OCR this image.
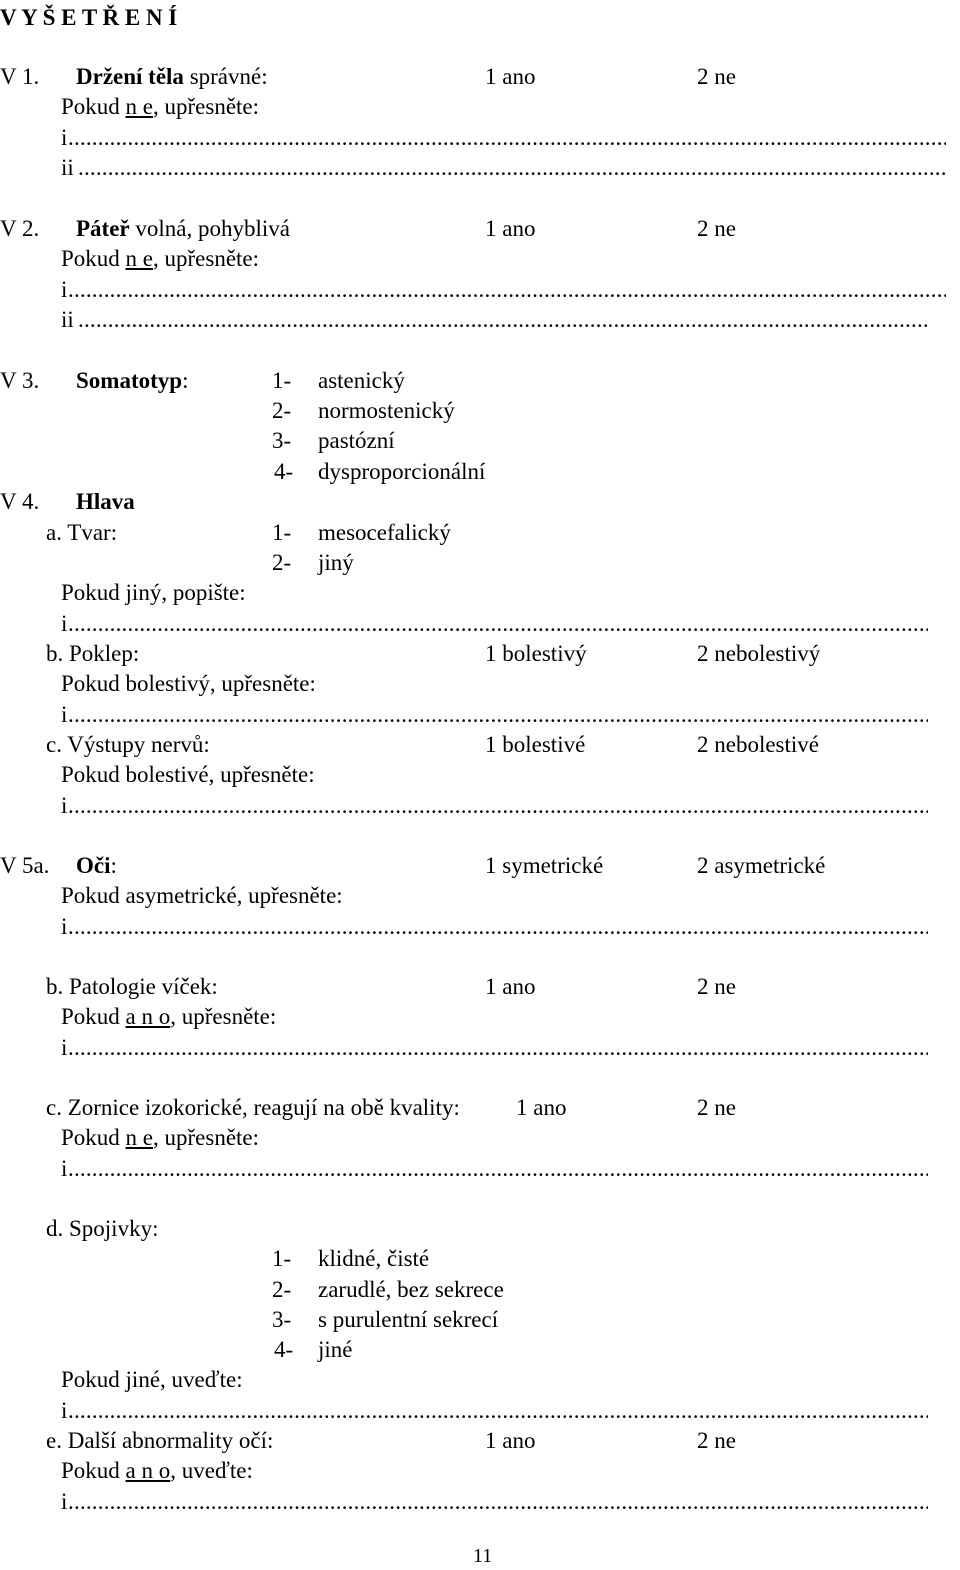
V Y Š E T Ř E N Í
V 1. Držení těla správné:	1 ano	2 ne
Pokud n e, upřesněte:
i
.....
ii
.....
V 2. Páteř volná, pohyblivá	1 ano	2 ne
Pokud n e, upřesněte:
i
.....
ii
.....
V 3. Somatotyp:	1- astenický
2- normostenický
3- pastózní
4- dysproporcionální
V 4. Hlava
a. Tvar:	1- mesocefalický
2- jiný
Pokud jiný, popište:
i
.....
b. Poklep:	1 bolestivý	2 nebolestivý
Pokud bolestivý, upřesněte:
i
.....
c. Výstupy nervů:	1 bolestivé	2 nebolestivé
Pokud bolestivé, upřesněte:
i
.....
V 5a. Oči:	1 symetrické	2 asymetrické
Pokud asymetrické, upřesněte:
i
.....
b. Patologie víček:	1 ano	2 ne
Pokud a n o, upřesněte:
i
.....
c. Zornice izokorické, reagují na obě kvality: 1 ano	2 ne
Pokud n e, upřesněte:
i
.....
d. Spojivky:
1- klidné, čisté
2- zarudlé, bez sekrece
3- s purulentní sekrecí
4- jiné
Pokud jiné, uveďte:
i
.....
e. Další abnormality očí:	1 ano	2 ne
Pokud a n o, uveďte:
i
.....
11
